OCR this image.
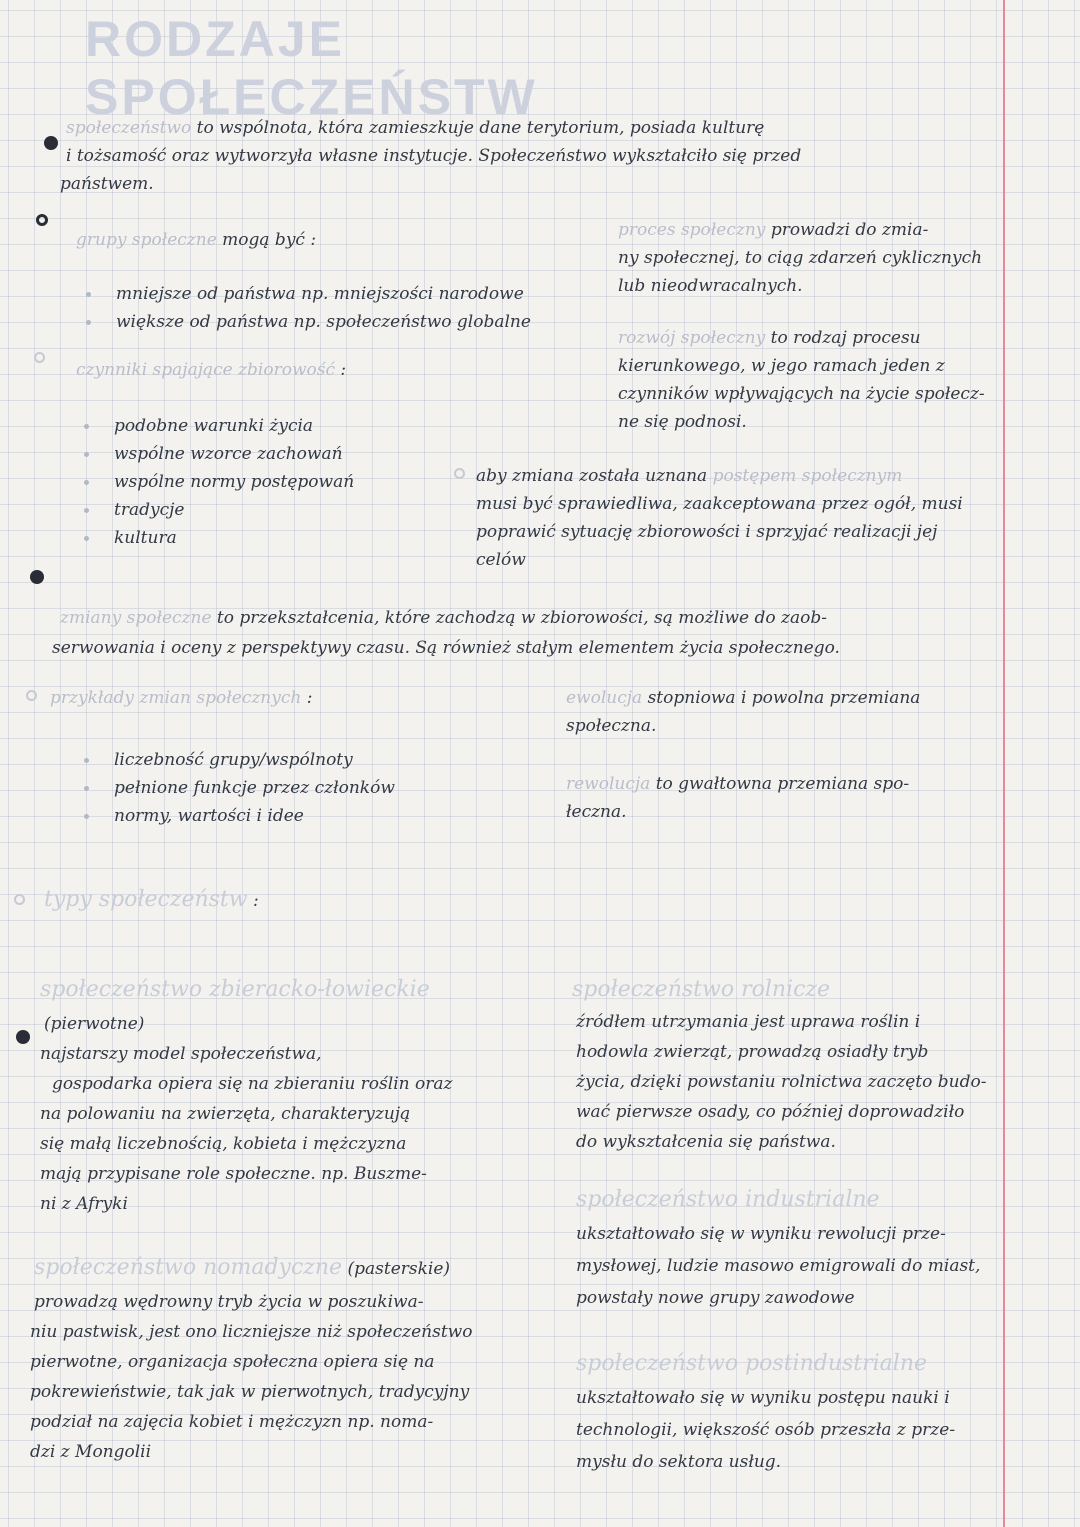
RODZAJE SPOŁECZEŃSTW
społeczeństwo to wspólnota, która zamieszkuje dane terytorium, posiada kulturę
i tożsamość oraz wytworzyła własne instytucje. Społeczeństwo wykształciło się przed
państwem.
grupy społeczne mogą być :
mniejsze od państwa np. mniejszości narodowe
większe od państwa np. społeczeństwo globalne
proces społeczny prowadzi do zmia-
ny społecznej, to ciąg zdarzeń cyklicznych
lub nieodwracalnych.
rozwój społeczny to rodzaj procesu
kierunkowego, w jego ramach jeden z
czynników wpływających na życie społecz-
ne się podnosi.
czynniki spajające zbiorowość :
podobne warunki życia
wspólne wzorce zachowań
wspólne normy postępowań
tradycje
kultura
aby zmiana została uznana postępem społecznym
musi być sprawiedliwa, zaakceptowana przez ogół, musi
poprawić sytuację zbiorowości i sprzyjać realizacji jej
celów
zmiany społeczne to przekształcenia, które zachodzą w zbiorowości, są możliwe do zaob-
serwowania i oceny z perspektywy czasu. Są również stałym elementem życia społecznego.
przykłady zmian społecznych :
liczebność grupy/wspólnoty
pełnione funkcje przez członków
normy, wartości i idee
ewolucja stopniowa i powolna przemiana
społeczna.
rewolucja to gwałtowna przemiana spo-
łeczna.
typy społeczeństw :
społeczeństwo zbieracko-łowieckie
(pierwotne)
najstarszy model społeczeństwa,
gospodarka opiera się na zbieraniu roślin oraz
na polowaniu na zwierzęta, charakteryzują
się małą liczebnością, kobieta i mężczyzna
mają przypisane role społeczne. np. Buszme-
ni z Afryki
społeczeństwo nomadyczne (pasterskie)
prowadzą wędrowny tryb życia w poszukiwa-
niu pastwisk, jest ono liczniejsze niż społeczeństwo
pierwotne, organizacja społeczna opiera się na
pokrewieństwie, tak jak w pierwotnych, tradycyjny
podział na zajęcia kobiet i mężczyzn np. noma-
dzi z Mongolii
społeczeństwo rolnicze
źródłem utrzymania jest uprawa roślin i
hodowla zwierząt, prowadzą osiadły tryb
życia, dzięki powstaniu rolnictwa zaczęto budo-
wać pierwsze osady, co później doprowadziło
do wykształcenia się państwa.
społeczeństwo industrialne
ukształtowało się w wyniku rewolucji prze-
mysłowej, ludzie masowo emigrowali do miast,
powstały nowe grupy zawodowe
społeczeństwo postindustrialne
ukształtowało się w wyniku postępu nauki i
technologii, większość osób przeszła z prze-
mysłu do sektora usług.
